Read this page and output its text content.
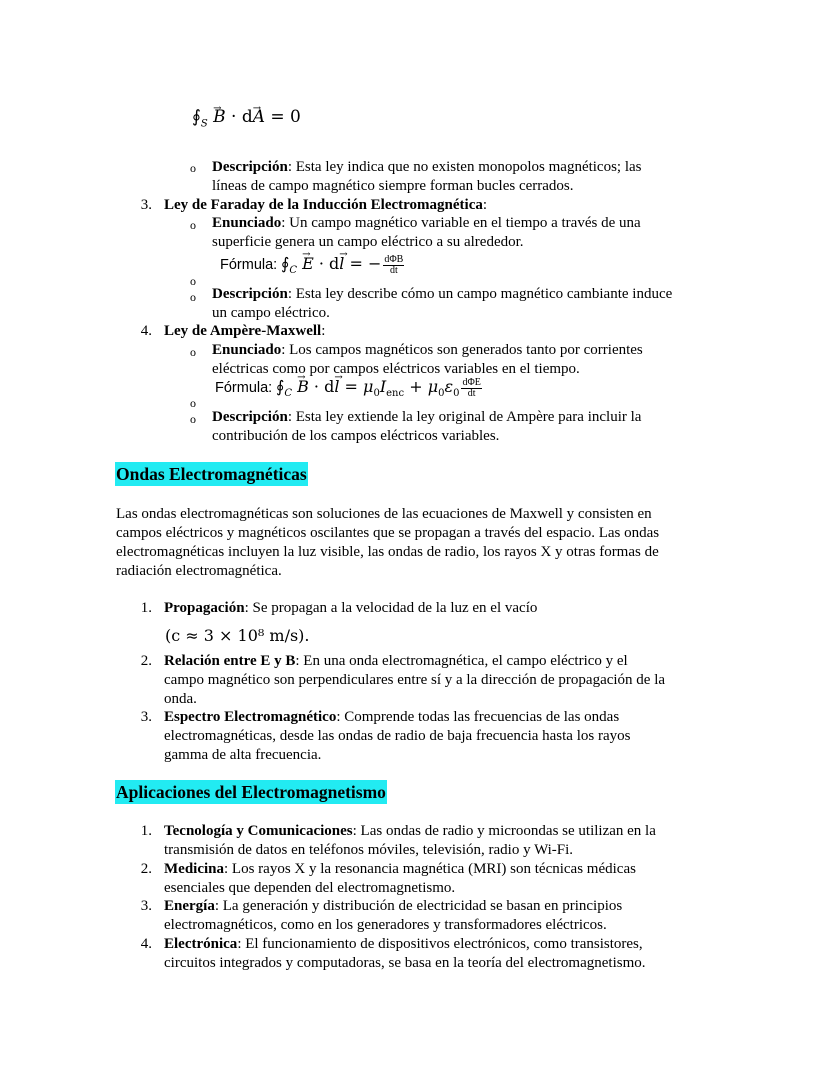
$∮_S \to B \cdot d\to A = 0$
o Descripción: Esta ley indica que no existen monopolos magnéticos; las
líneas de campo magnético siempre forman bucles cerrados.
3. Ley de Faraday de la Inducción Electromagnética:
o Enunciado: Un campo magnético variable en el tiempo a través de una
superficie genera un campo eléctrico a su alrededor.
Fórmula: $∮_C \to E \cdot d\to l$ = − $\frac{\text{dΦB}}{dt}$
o
o Descripción: Esta ley describe cómo un campo magnético cambiante induce
un campo eléctrico.
4. Ley de Ampère-Maxwell:
o Enunciado: Los campos magnéticos son generados tanto por corrientes
eléctricas como por campos eléctricos variables en el tiempo.
Fórmula: $∮_C \to B \cdot d\to l = \mu_0I_{enc} + \mu_0\varepsilon_0 \frac{\text{dΦE}}{dt}$
o
o Descripción: Esta ley extiende la ley original de Ampère para incluir la
contribución de los campos eléctricos variables.
Ondas Electromagnéticas
Las ondas electromagnéticas son soluciones de las ecuaciones de Maxwell y consisten en
campos eléctricos y magnéticos oscilantes que se propagan a través del espacio. Las ondas
electromagnéticas incluyen la luz visible, las ondas de radio, los rayos X y otras formas de
radiación electromagnética.
1. Propagación: Se propagan a la velocidad de la luz en el vacío
(c ≈ 3 × 10⁸ m/s).
2. Relación entre E y B: En una onda electromagnética, el campo eléctrico y el
campo magnético son perpendiculares entre sí y a la dirección de propagación de la
onda.
3. Espectro Electromagnético: Comprende todas las frecuencias de las ondas
electromagnéticas, desde las ondas de radio de baja frecuencia hasta los rayos
gamma de alta frecuencia.
Aplicaciones del Electromagnetismo
1. Tecnología y Comunicaciones: Las ondas de radio y microondas se utilizan en la
transmisión de datos en teléfonos móviles, televisión, radio y Wi-Fi.
2. Medicina: Los rayos X y la resonancia magnética (MRI) son técnicas médicas
esenciales que dependen del electromagnetismo.
3. Energía: La generación y distribución de electricidad se basan en principios
electromagnéticos, como en los generadores y transformadores eléctricos.
4. Electrónica: El funcionamiento de dispositivos electrónicos, como transistores,
circuitos integrados y computadoras, se basa en la teoría del electromagnetismo.
